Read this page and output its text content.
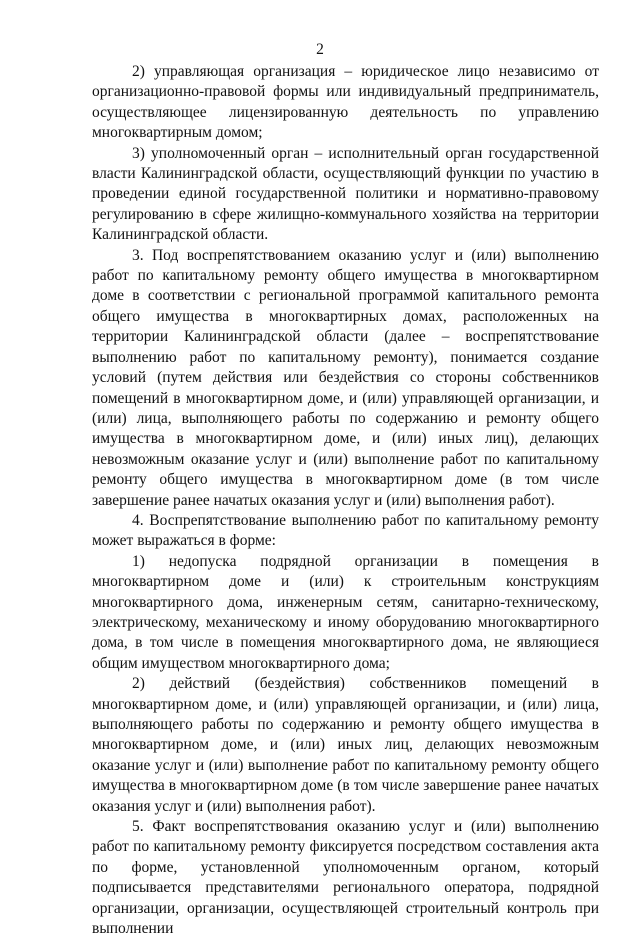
2

2) управляющая организация – юридическое лицо независимо от организационно-правовой формы или индивидуальный предприниматель, осуществляющее лицензированную деятельность по управлению многоквартирным домом;

3) уполномоченный орган – исполнительный орган государственной власти Калининградской области, осуществляющий функции по участию в проведении единой государственной политики и нормативно-правовому регулированию в сфере жилищно-коммунального хозяйства на территории Калининградской области.

3. Под воспрепятствованием оказанию услуг и (или) выполнению работ по капитальному ремонту общего имущества в многоквартирном доме в соответствии с региональной программой капитального ремонта общего имущества в многоквартирных домах, расположенных на территории Калининградской области (далее – воспрепятствование выполнению работ по капитальному ремонту), понимается создание условий (путем действия или бездействия со стороны собственников помещений в многоквартирном доме, и (или) управляющей организации, и (или) лица, выполняющего работы по содержанию и ремонту общего имущества в многоквартирном доме, и (или) иных лиц), делающих невозможным оказание услуг и (или) выполнение работ по капитальному ремонту общего имущества в многоквартирном доме (в том числе завершение ранее начатых оказания услуг и (или) выполнения работ).

4. Воспрепятствование выполнению работ по капитальному ремонту может выражаться в форме:

1) недопуска подрядной организации в помещения в многоквартирном доме и (или) к строительным конструкциям многоквартирного дома, инженерным сетям, санитарно-техническому, электрическому, механическому и иному оборудованию многоквартирного дома, в том числе в помещения многоквартирного дома, не являющиеся общим имуществом многоквартирного дома;

2) действий (бездействия) собственников помещений в многоквартирном доме, и (или) управляющей организации, и (или) лица, выполняющего работы по содержанию и ремонту общего имущества в многоквартирном доме, и (или) иных лиц, делающих невозможным оказание услуг и (или) выполнение работ по капитальному ремонту общего имущества в многоквартирном доме (в том числе завершение ранее начатых оказания услуг и (или) выполнения работ).

5. Факт воспрепятствования оказанию услуг и (или) выполнению работ по капитальному ремонту фиксируется посредством составления акта по форме, установленной уполномоченным органом, который подписывается представителями регионального оператора, подрядной организации, организации, осуществляющей строительный контроль при выполнении
